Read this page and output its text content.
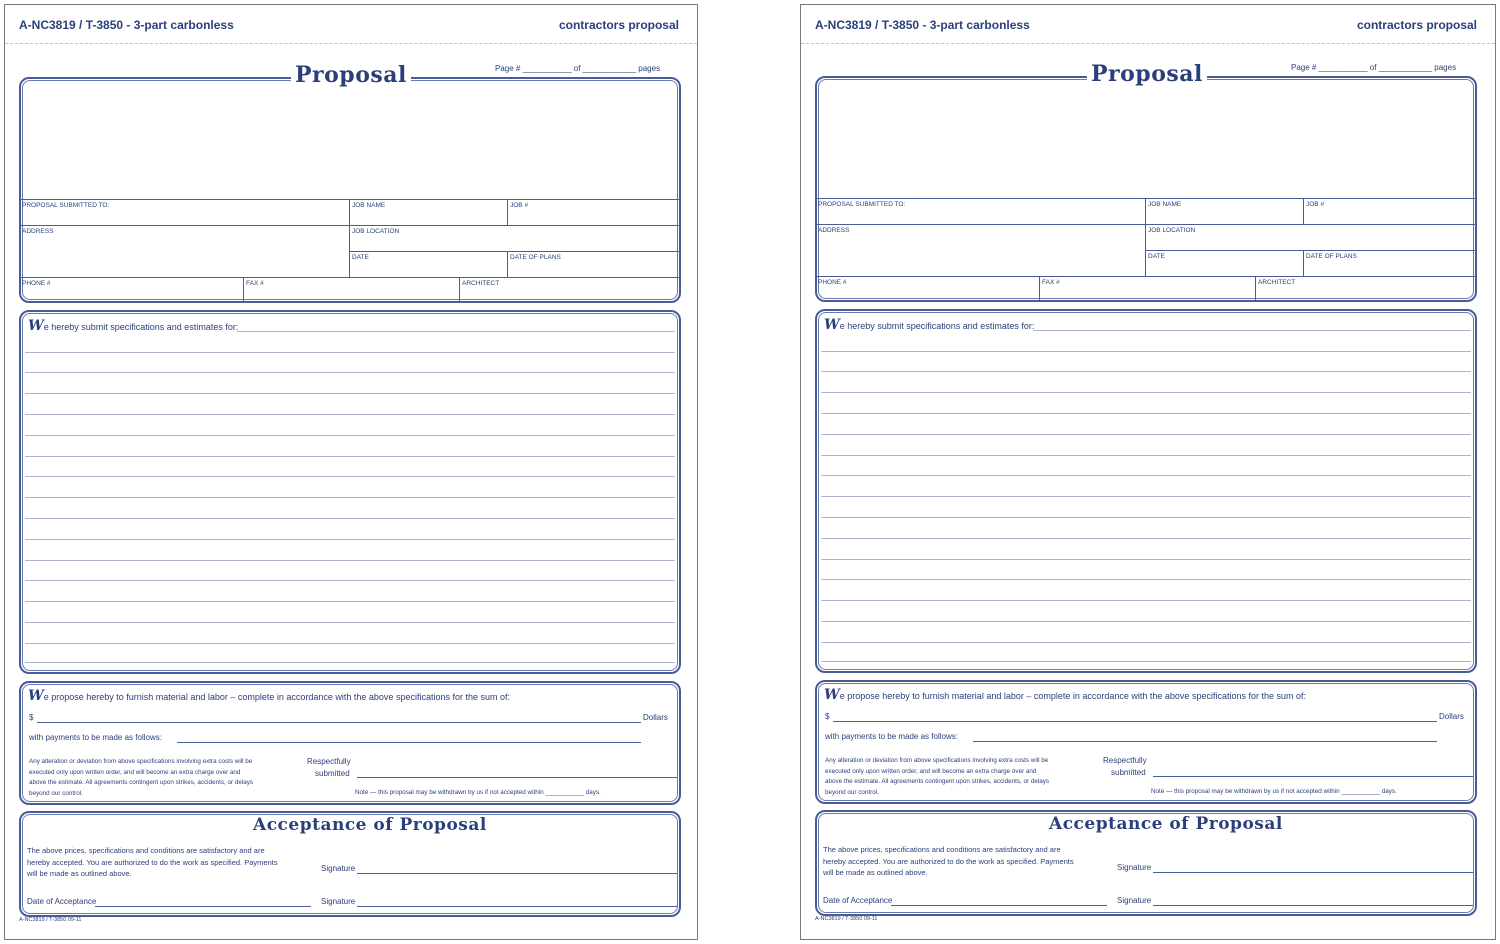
A-NC3819 / T-3850 - 3-part carbonless	contractors proposal
PROPOSAL SUBMITTED TO:	JOB NAME	JOB #
ADDRESS	JOB LOCATION
DATE	DATE OF PLANS
PHONE #	FAX #	ARCHITECT
Proposal	Page # ___________ of ____________ pages
We hereby submit specifications and estimates for:
We propose hereby to furnish material and labor – complete in accordance with the above specifications for the sum of:
$	Dollars
with payments to be made as follows:
Any alteration or deviation from above specifications involving extra costs will be executed only upon written order, and will become an extra charge over and above the estimate. All agreements contingent upon strikes, accidents, or delays beyond our control.
Respectfully
submitted
Note — this proposal may be withdrawn by us if not accepted within ___________ days.
Acceptance of Proposal
The above prices, specifications and conditions are satisfactory and are hereby accepted. You are authorized to do the work as specified. Payments will be made as outlined above.
Signature
Date of Acceptance	Signature
A-NC3819 / T-3850 09-11
A-NC3819 / T-3850 - 3-part carbonless	contractors proposal
PROPOSAL SUBMITTED TO:	JOB NAME	JOB #
ADDRESS	JOB LOCATION
DATE	DATE OF PLANS
PHONE #	FAX #	ARCHITECT
Proposal	Page # ___________ of ____________ pages
We hereby submit specifications and estimates for:
We propose hereby to furnish material and labor – complete in accordance with the above specifications for the sum of:
$	Dollars
with payments to be made as follows:
Any alteration or deviation from above specifications involving extra costs will be executed only upon written order, and will become an extra charge over and above the estimate. All agreements contingent upon strikes, accidents, or delays beyond our control.
Respectfully
submitted
Note — this proposal may be withdrawn by us if not accepted within ___________ days.
Acceptance of Proposal
The above prices, specifications and conditions are satisfactory and are hereby accepted. You are authorized to do the work as specified. Payments will be made as outlined above.
Signature
Date of Acceptance	Signature
A-NC3819 / T-3850 09-11
